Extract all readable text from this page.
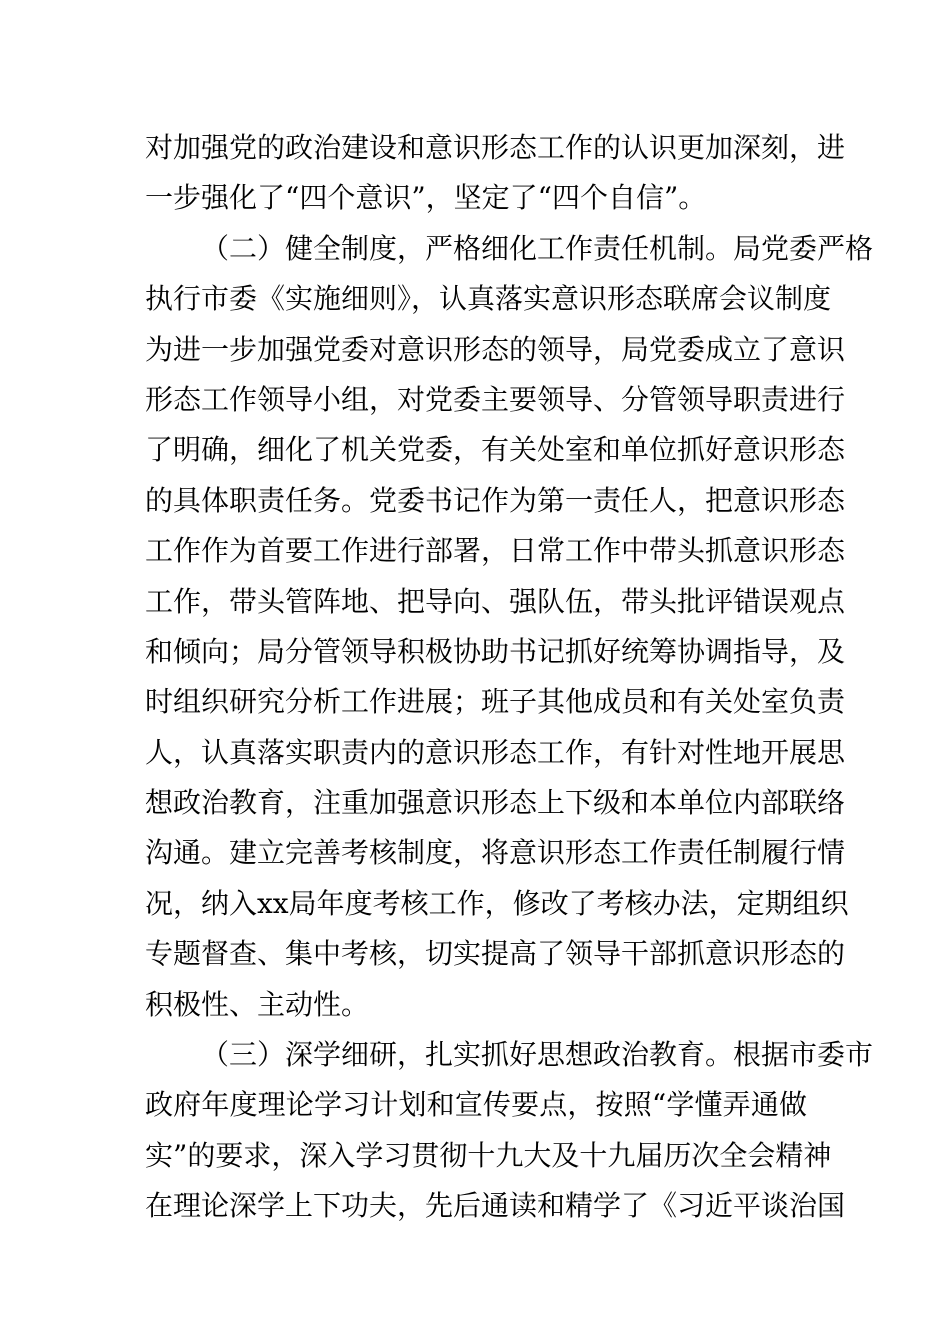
对加强党的政治建设和意识形态工作的认识更加深刻，进
一步强化了“四个意识”，坚定了“四个自信”。
（二）健全制度，严格细化工作责任机制。局党委严格
执行市委《实施细则》，认真落实意识形态联席会议制度
为进一步加强党委对意识形态的领导，局党委成立了意识
形态工作领导小组，对党委主要领导、分管领导职责进行
了明确，细化了机关党委，有关处室和单位抓好意识形态
的具体职责任务。党委书记作为第一责任人，把意识形态
工作作为首要工作进行部署，日常工作中带头抓意识形态
工作，带头管阵地、把导向、强队伍，带头批评错误观点
和倾向；局分管领导积极协助书记抓好统筹协调指导，及
时组织研究分析工作进展；班子其他成员和有关处室负责
人，认真落实职责内的意识形态工作，有针对性地开展思
想政治教育，注重加强意识形态上下级和本单位内部联络
沟通。建立完善考核制度，将意识形态工作责任制履行情
况，纳入xx局年度考核工作，修改了考核办法，定期组织
专题督查、集中考核，切实提高了领导干部抓意识形态的
积极性、主动性。
（三）深学细研，扎实抓好思想政治教育。根据市委市
政府年度理论学习计划和宣传要点，按照“学懂弄通做
实”的要求，深入学习贯彻十九大及十九届历次全会精神
在理论深学上下功夫，先后通读和精学了《习近平谈治国
